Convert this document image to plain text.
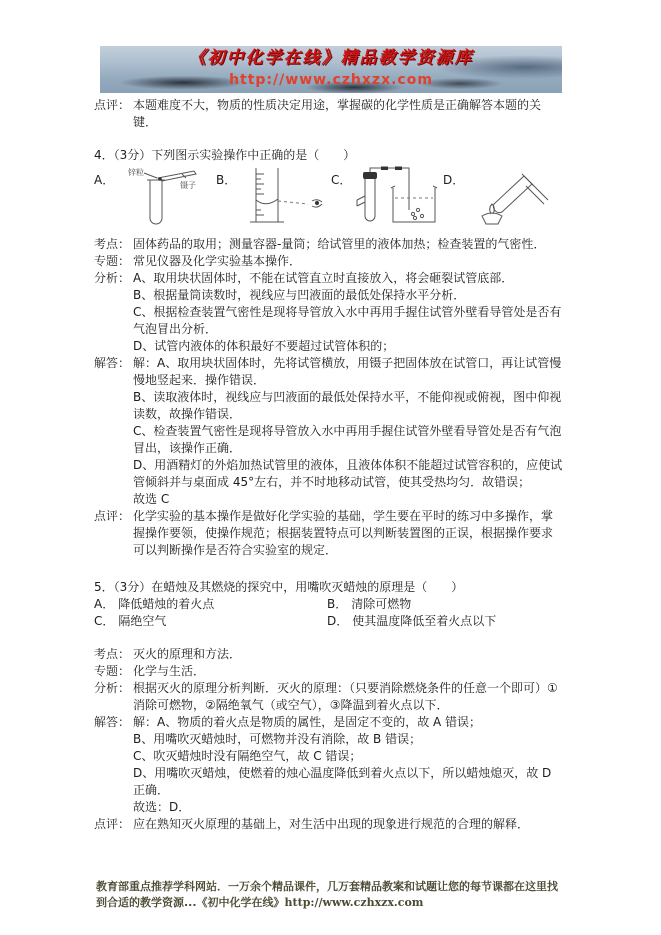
《初中化学在线》精品教学资源库
http://www.czhxzx.com
点评： 本题难度不大，物质的性质决定用途，掌握碳的化学性质是正确解答本题的关键．
4．（3分）下列图示实验操作中正确的是（　　）
A．
锌粒
镊子 B．	C．	D．
考点： 固体药品的取用；测量容器-量筒；给试管里的液体加热；检查装置的气密性．
专题： 常见仪器及化学实验基本操作．
分析： A、取用块状固体时，不能在试管直立时直接放入，将会砸裂试管底部．
B、根据量筒读数时，视线应与凹液面的最低处保持水平分析．
C、根据检查装置气密性是现将导管放入水中再用手握住试管外壁看导管处是否有气泡冒出分析．
D、试管内液体的体积最好不要超过试管体积的；
解答： 解：A、取用块状固体时，先将试管横放，用镊子把固体放在试管口，再让试管慢慢地竖起来．操作错误．
B、读取液体时，视线应与凹液面的最低处保持水平，不能仰视或俯视，图中仰视读数，故操作错误．
C、检查装置气密性是现将导管放入水中再用手握住试管外壁看导管处是否有气泡冒出，该操作正确．
D、用酒精灯的外焰加热试管里的液体，且液体体积不能超过试管容积的，应使试管倾斜并与桌面成 45°左右，并不时地移动试管，使其受热均匀．故错误；
故选 C
点评： 化学实验的基本操作是做好化学实验的基础，学生要在平时的练习中多操作，掌握操作要领，使操作规范；根据装置特点可以判断装置图的正误，根据操作要求可以判断操作是否符合实验室的规定．
5．（3分）在蜡烛及其燃烧的探究中，用嘴吹灭蜡烛的原理是（　　）
A． 降低蜡烛的着火点	B． 清除可燃物
C． 隔绝空气	D． 使其温度降低至着火点以下
考点： 灭火的原理和方法．
专题： 化学与生活．
分析： 根据灭火的原理分析判断．灭火的原理：（只要消除燃烧条件的任意一个即可）①消除可燃物，②隔绝氧气（或空气），③降温到着火点以下．
解答： 解：A、物质的着火点是物质的属性，是固定不变的，故 A 错误；
B、用嘴吹灭蜡烛时，可燃物并没有消除，故 B 错误；
C、吹灭蜡烛时没有隔绝空气，故 C 错误；
D、用嘴吹灭蜡烛，使燃着的烛心温度降低到着火点以下，所以蜡烛熄灭，故 D 正确．
故选：D．
点评： 应在熟知灭火原理的基础上，对生活中出现的现象进行规范的合理的解释．
教育部重点推荐学科网站．一万余个精品课件，几万套精品教案和试题让您的每节课都在这里找到合适的教学资源...《初中化学在线》http://www.czhxzx.com
